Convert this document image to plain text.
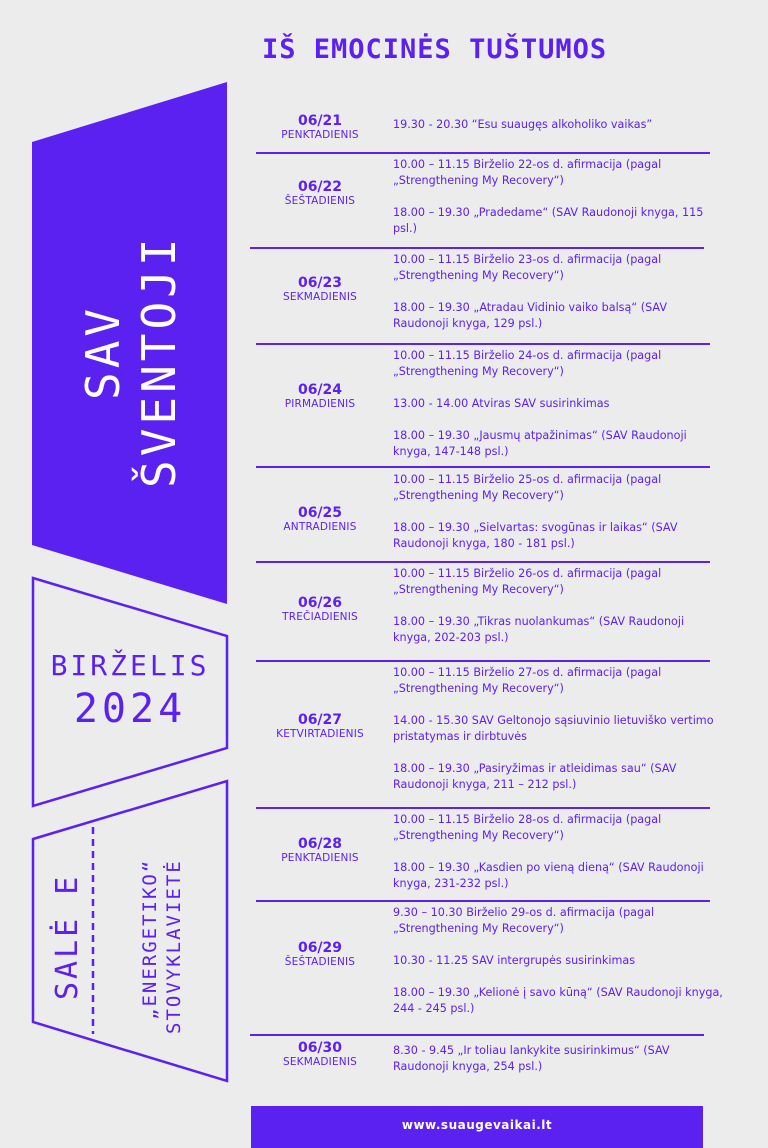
IŠ EMOCINĖS TUŠTUMOS
SAV ŠVENTOJI
BIRŽELIS
2024
SALĖ E	„ENERGETIKO“ STOVYKLAVIETĖ
06/21
PENKTADIENIS
19.30 - 20.30 “Esu suaugęs alkoholiko vaikas”
06/22
ŠEŠTADIENIS
10.00 – 11.15 Birželio 22-os d. afirmacija (pagal „Strengthening My Recovery“)
18.00 – 19.30 „Pradedame“ (SAV Raudonoji knyga, 115 psl.)
06/23
SEKMADIENIS
10.00 – 11.15 Birželio 23-os d. afirmacija (pagal „Strengthening My Recovery“)
18.00 – 19.30 „Atradau Vidinio vaiko balsą“ (SAV Raudonoji knyga, 129 psl.)
06/24
PIRMADIENIS
10.00 – 11.15 Birželio 24-os d. afirmacija (pagal „Strengthening My Recovery“)
13.00 - 14.00 Atviras SAV susirinkimas
18.00 – 19.30 „Jausmų atpažinimas“ (SAV Raudonoji knyga, 147-148 psl.)
06/25
ANTRADIENIS
10.00 – 11.15 Birželio 25-os d. afirmacija (pagal „Strengthening My Recovery“)
18.00 – 19.30 „Sielvartas: svogūnas ir laikas“ (SAV Raudonoji knyga, 180 - 181 psl.)
06/26
TREČIADIENIS
10.00 – 11.15 Birželio 26-os d. afirmacija (pagal „Strengthening My Recovery“)
18.00 – 19.30 „Tikras nuolankumas“ (SAV Raudonoji knyga, 202-203 psl.)
06/27
KETVIRTADIENIS
10.00 – 11.15 Birželio 27-os d. afirmacija (pagal „Strengthening My Recovery“)
14.00 - 15.30 SAV Geltonojo sąsiuvinio lietuviško vertimo pristatymas ir dirbtuvės
18.00 – 19.30 „Pasiryžimas ir atleidimas sau“ (SAV Raudonoji knyga, 211 – 212 psl.)
06/28
PENKTADIENIS
10.00 – 11.15 Birželio 28-os d. afirmacija (pagal „Strengthening My Recovery“)
18.00 – 19.30 „Kasdien po vieną dieną“ (SAV Raudonoji knyga, 231-232 psl.)
06/29
ŠEŠTADIENIS
9.30 – 10.30 Birželio 29-os d. afirmacija (pagal „Strengthening My Recovery“)
10.30 - 11.25 SAV intergrupės susirinkimas
18.00 – 19.30 „Kelionė į savo kūną“ (SAV Raudonoji knyga, 244 - 245 psl.)
06/30
SEKMADIENIS
8.30 - 9.45 „Ir toliau lankykite susirinkimus“ (SAV Raudonoji knyga, 254 psl.)
www.suaugevaikai.lt
